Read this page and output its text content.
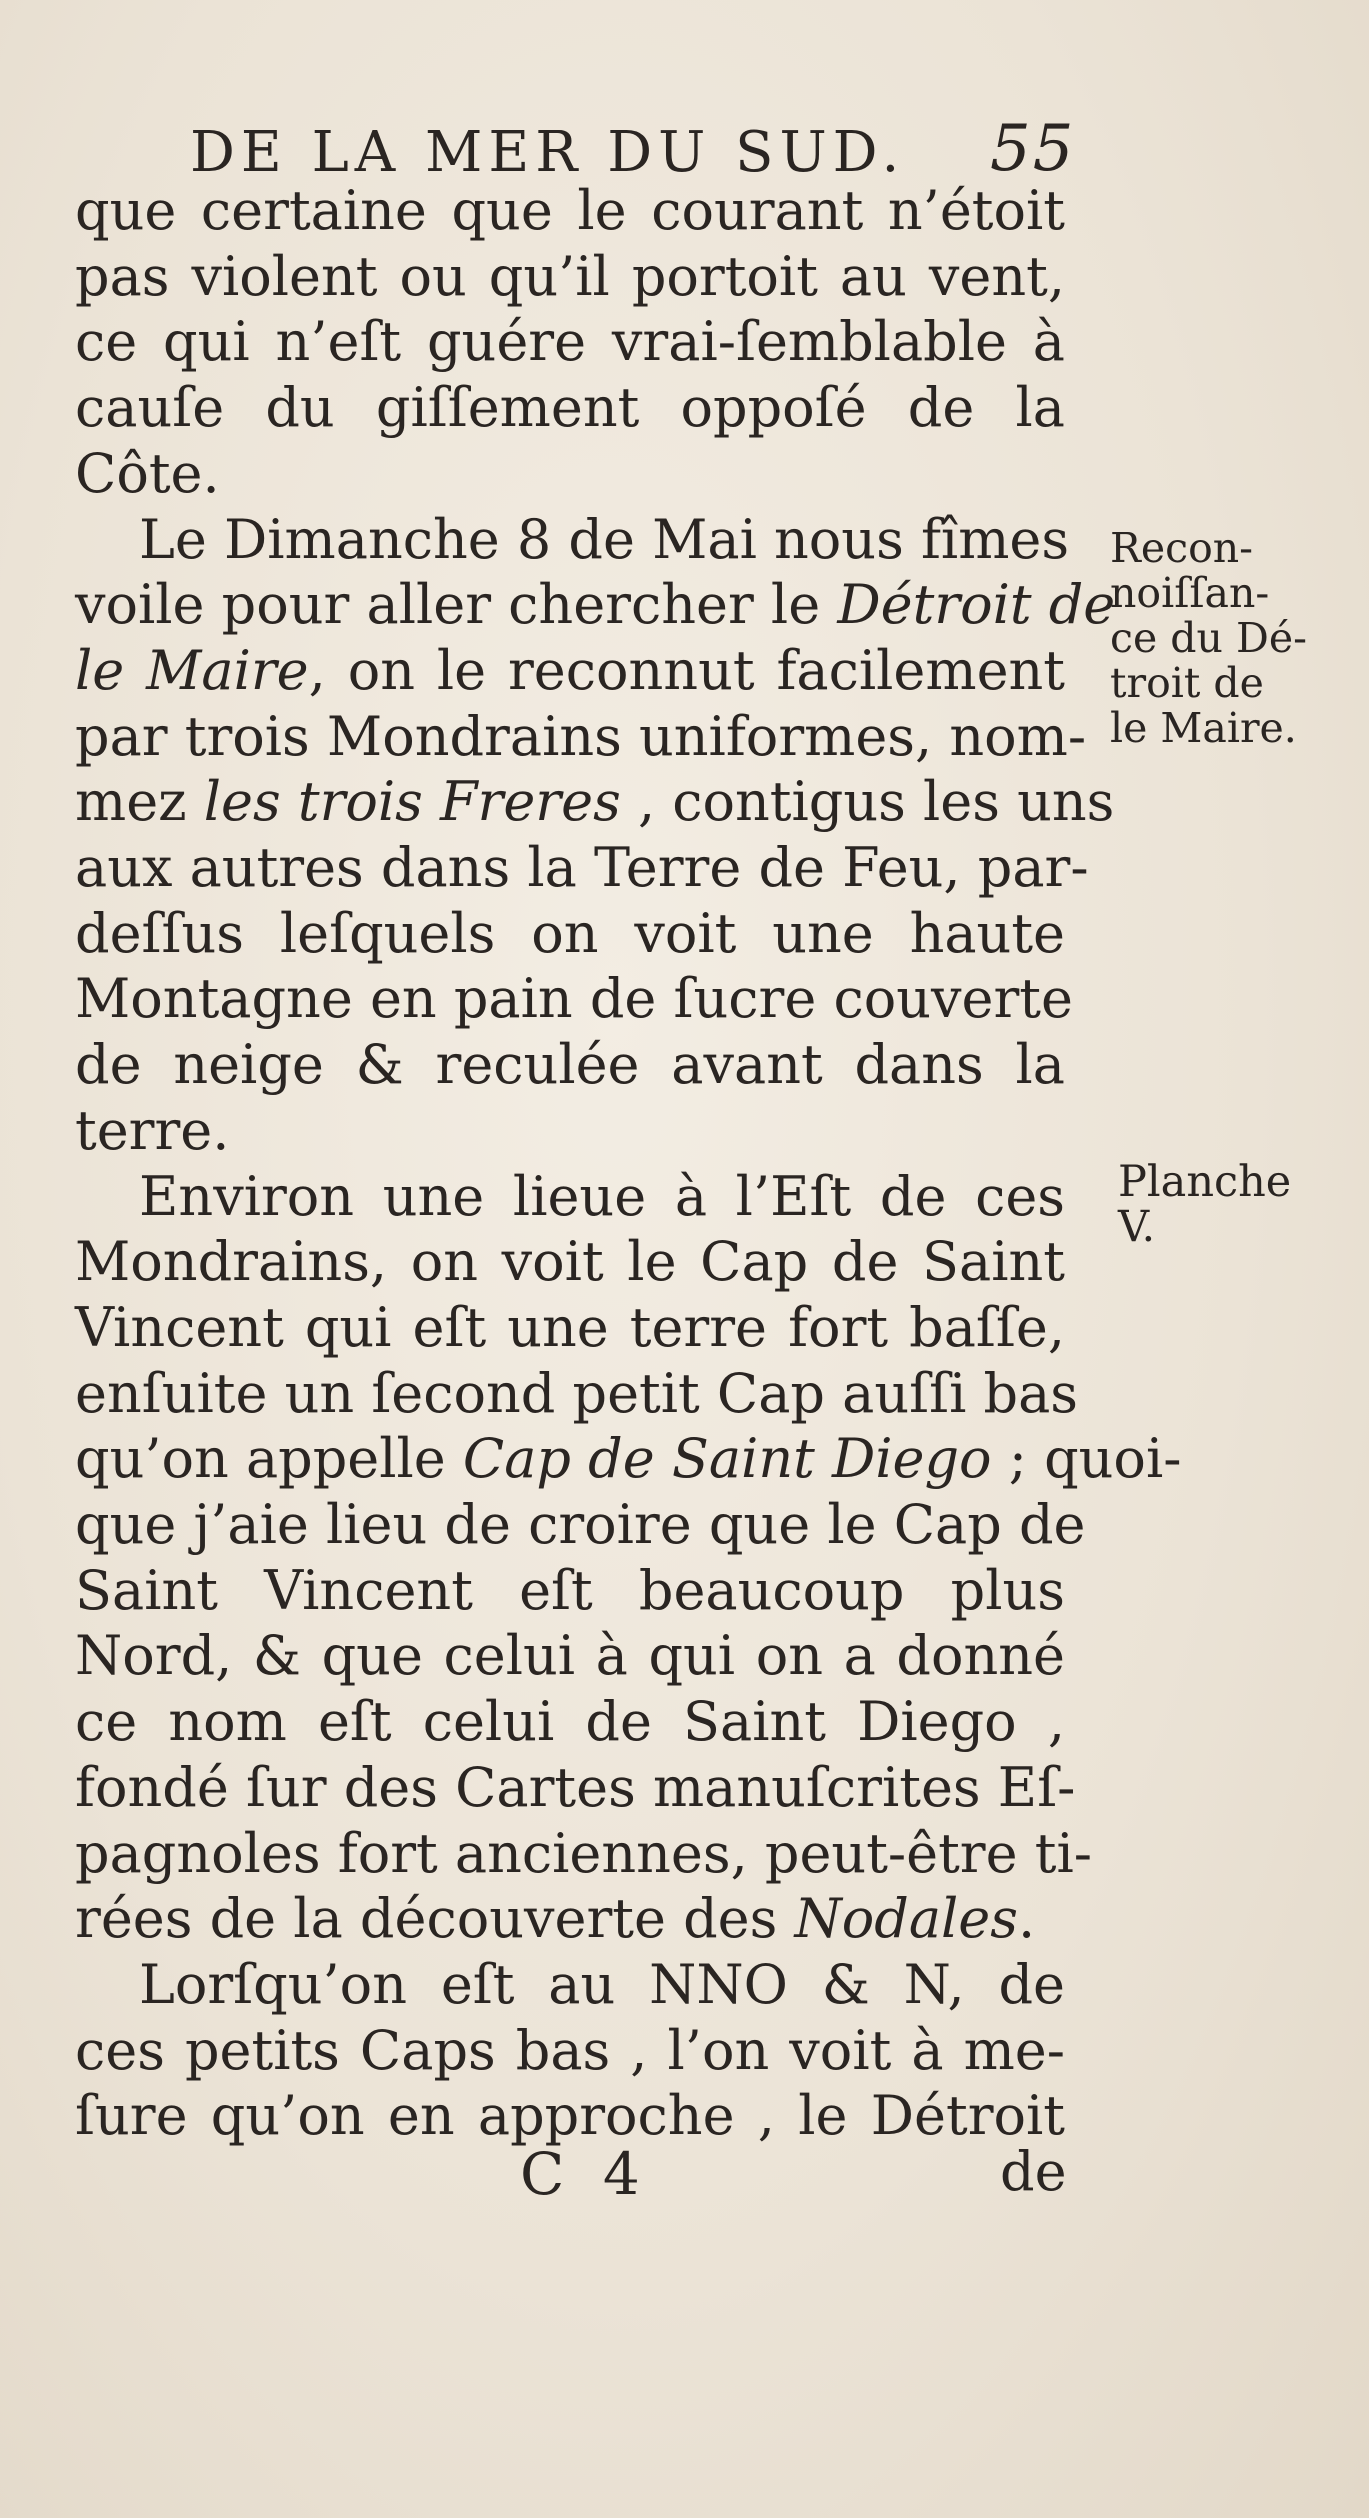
DE LA MER DU SUD.	55
que certaine que le courant n’étoit
pas violent ou qu’il portoit au vent,
ce qui n’eſt guére vrai-ſemblable à
cauſe du giſſement oppoſé de la
Côte.
Le Dimanche 8 de Mai nous fîmes
voile pour aller chercher le Détroit de
le Maire, on le reconnut facilement
par trois Mondrains uniformes, nom-
mez les trois Freres , contigus les uns
aux autres dans la Terre de Feu, par-
deſſus leſquels on voit une haute
Montagne en pain de ſucre couverte
de neige & reculée avant dans la
terre.
Environ une lieue à l’Eſt de ces
Mondrains, on voit le Cap de Saint
Vincent qui eſt une terre fort baſſe,
enſuite un ſecond petit Cap auſſi bas
qu’on appelle Cap de Saint Diego ; quoi-
que j’aie lieu de croire que le Cap de
Saint Vincent eſt beaucoup plus
Nord, & que celui à qui on a donné
ce nom eſt celui de Saint Diego ,
fondé ſur des Cartes manuſcrites Eſ-
pagnoles fort anciennes, peut-être ti-
rées de la découverte des Nodales.
Lorſqu’on eſt au NNO & N, de
ces petits Caps bas , l’on voit à me-
ſure qu’on en approche , le Détroit
Recon-
noiſſan-
ce du Dé-
troit de
le Maire.
Planche
V.
C 4	de
